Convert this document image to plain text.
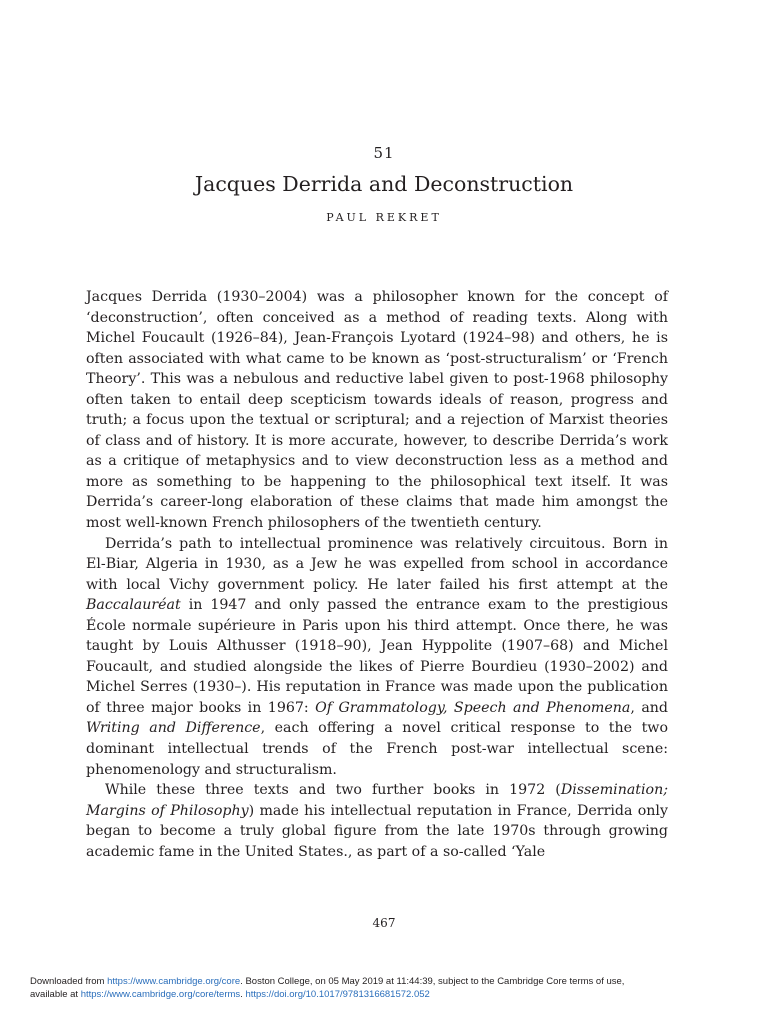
51
Jacques Derrida and Deconstruction
PAUL REKRET

Jacques Derrida (1930–2004) was a philosopher known for the concept of ‘deconstruction’, often conceived as a method of reading texts. Along with Michel Foucault (1926–84), Jean-François Lyotard (1924–98) and others, he is often associated with what came to be known as ‘post-structuralism’ or ‘French Theory’. This was a nebulous and reductive label given to post-1968 philosophy often taken to entail deep scepticism towards ideals of reason, progress and truth; a focus upon the textual or scriptural; and a rejection of Marxist theories of class and of history. It is more accurate, however, to describe Derrida’s work as a critique of metaphysics and to view deconstruction less as a method and more as something to be happening to the philosophical text itself. It was Derrida’s career-long elaboration of these claims that made him amongst the most well-known French philosophers of the twentieth century.

Derrida’s path to intellectual prominence was relatively circuitous. Born in El-Biar, Algeria in 1930, as a Jew he was expelled from school in accordance with local Vichy government policy. He later failed his first attempt at the Baccalauréat in 1947 and only passed the entrance exam to the prestigious École normale supérieure in Paris upon his third attempt. Once there, he was taught by Louis Althusser (1918–90), Jean Hyppolite (1907–68) and Michel Foucault, and studied alongside the likes of Pierre Bourdieu (1930–2002) and Michel Serres (1930–). His reputation in France was made upon the publication of three major books in 1967: Of Grammatology, Speech and Phenomena, and Writing and Difference, each offering a novel critical response to the two dominant intellectual trends of the French post-war intellectual scene: phenomenology and structuralism.

While these three texts and two further books in 1972 (Dissemination; Margins of Philosophy) made his intellectual reputation in France, Derrida only began to become a truly global figure from the late 1970s through growing academic fame in the United States., as part of a so-called ‘Yale

467
Downloaded from https://www.cambridge.org/core. Boston College, on 05 May 2019 at 11:44:39, subject to the Cambridge Core terms of use,
available at https://www.cambridge.org/core/terms. https://doi.org/10.1017/9781316681572.052
